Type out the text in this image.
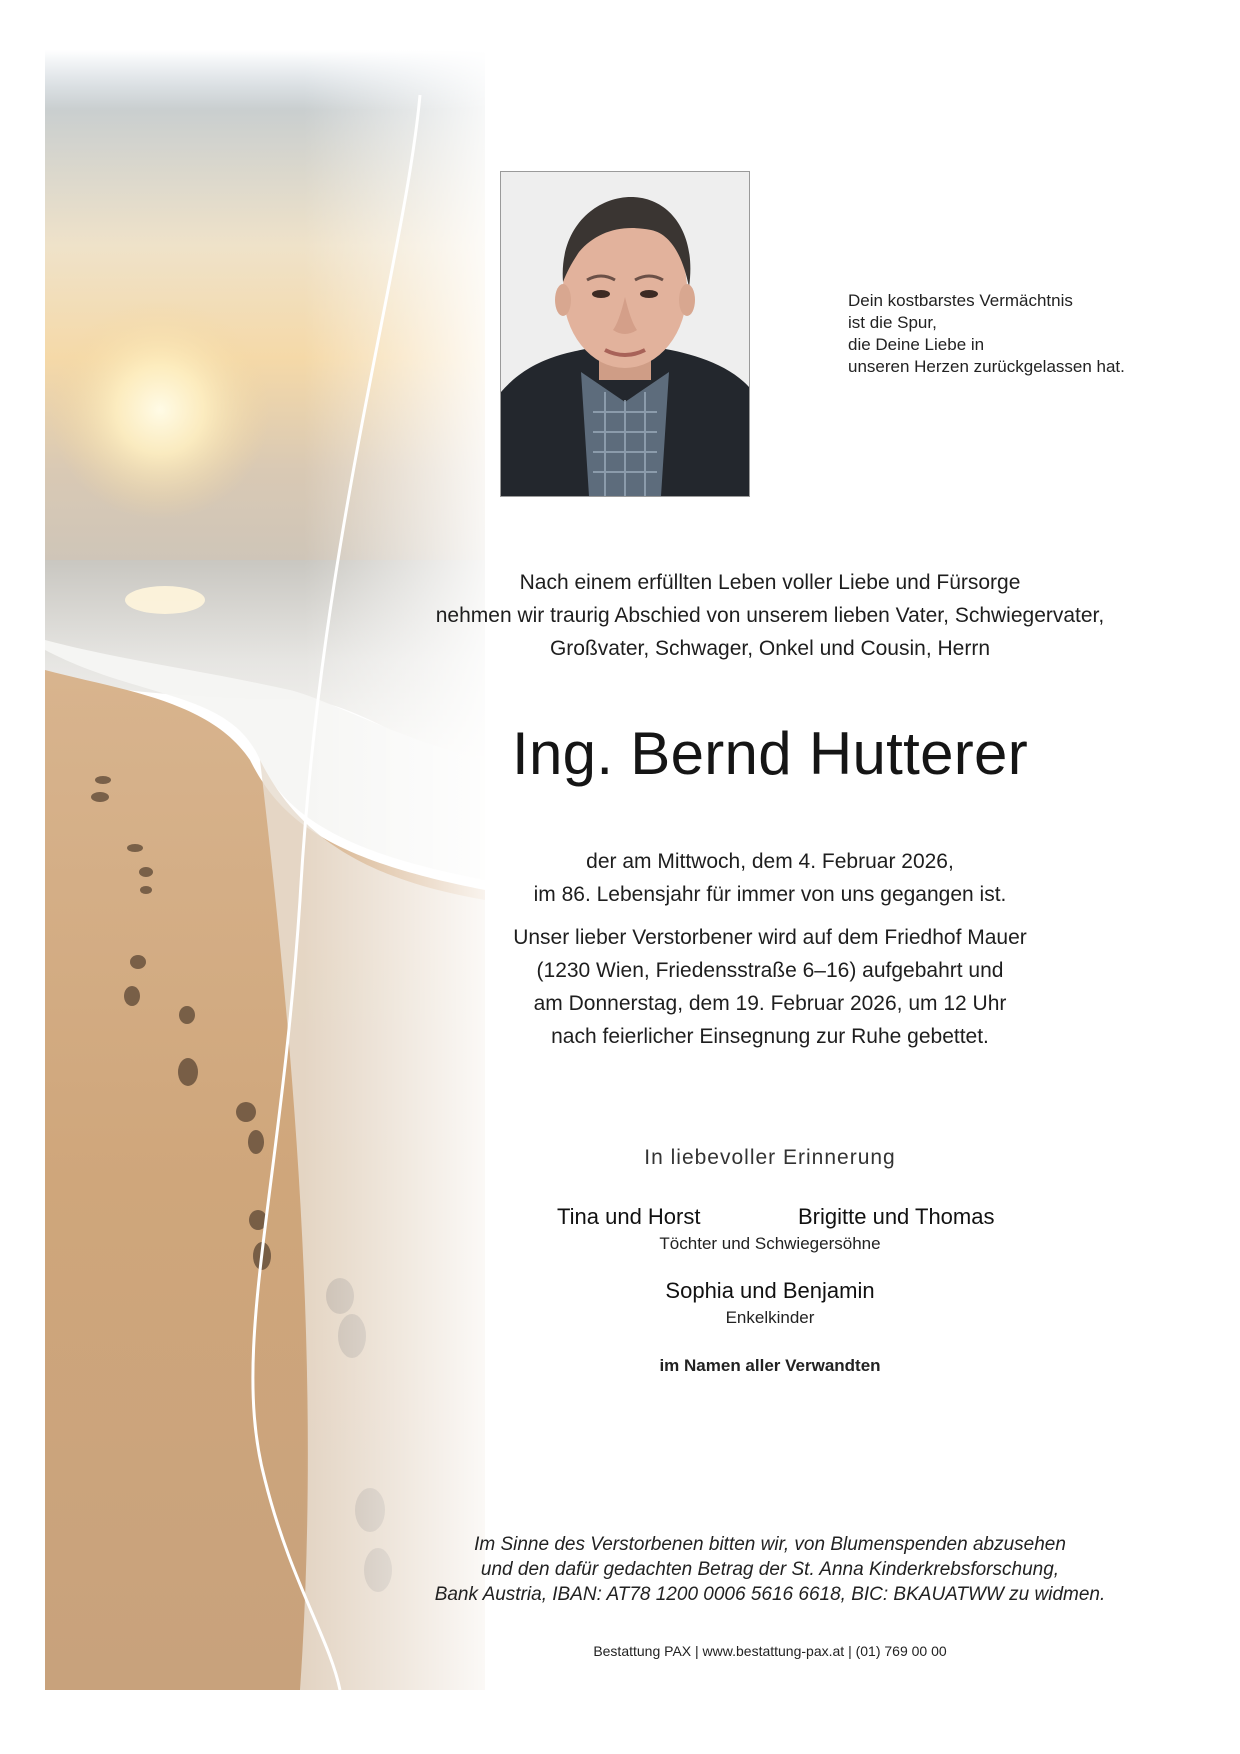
Dein kostbarstes Vermächtnis
ist die Spur,
die Deine Liebe in
unseren Herzen zurückgelassen hat.
Nach einem erfüllten Leben voller Liebe und Fürsorge
nehmen wir traurig Abschied von unserem lieben Vater, Schwiegervater,
Großvater, Schwager, Onkel und Cousin, Herrn
Ing. Bernd Hutterer
der am Mittwoch, dem 4. Februar 2026,
im 86. Lebensjahr für immer von uns gegangen ist.
Unser lieber Verstorbener wird auf dem Friedhof Mauer
(1230 Wien, Friedensstraße 6–16) aufgebahrt und
am Donnerstag, dem 19. Februar 2026, um 12 Uhr
nach feierlicher Einsegnung zur Ruhe gebettet.
In liebevoller Erinnerung
Tina und Horst	Brigitte und Thomas
Töchter und Schwiegersöhne
Sophia und Benjamin
Enkelkinder
im Namen aller Verwandten
Im Sinne des Verstorbenen bitten wir, von Blumenspenden abzusehen
und den dafür gedachten Betrag der St. Anna Kinderkrebsforschung,
Bank Austria, IBAN: AT78 1200 0006 5616 6618, BIC: BKAUATWW zu widmen.
Bestattung PAX | www.bestattung-pax.at | (01) 769 00 00
